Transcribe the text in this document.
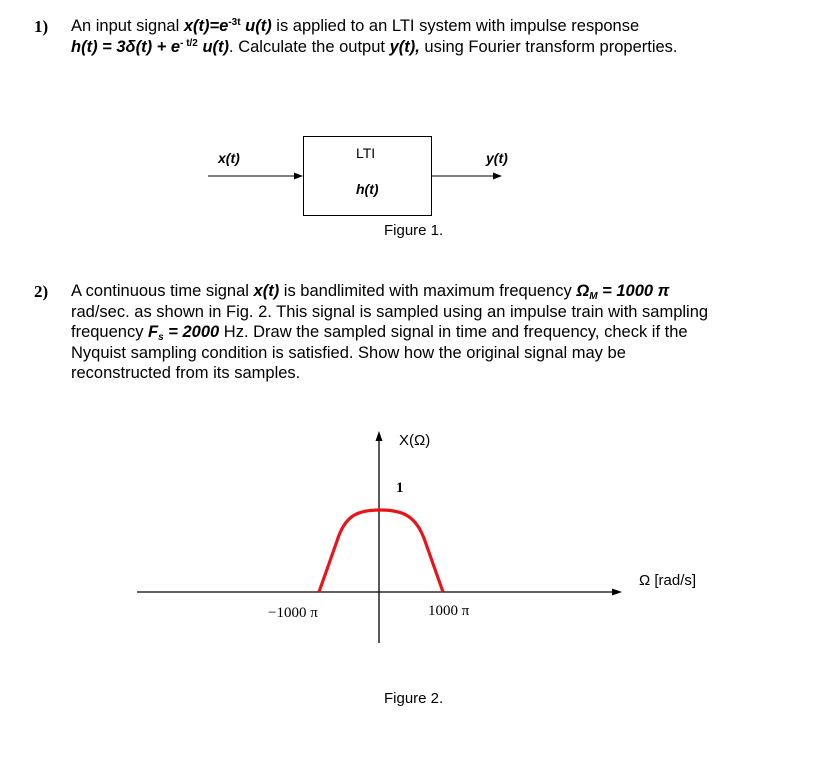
1) An input signal $x(t)=e^{-3t}$ u(t) is applied to an LTI system with impulse response
$h(t) = 3\delta(t) + e^{- t/2}$ u(t). Calculate the output y(t), using Fourier transform properties.
x(t)	LTI
h(t)
y(t)
Figure 1.
2) A continuous time signal x(t) is bandlimited with maximum frequency $\Omega_M = 1000$ π
rad/sec. as shown in Fig. 2. This signal is sampled using an impulse train with sampling
frequency $F_s = 2000$ Hz. Draw the sampled signal in time and frequency, check if the
Nyquist sampling condition is satisfied. Show how the original signal may be
reconstructed from its samples.
X(Ω)
1
Ω [rad/s]
−1000 π	1000 π
Figure 2.
